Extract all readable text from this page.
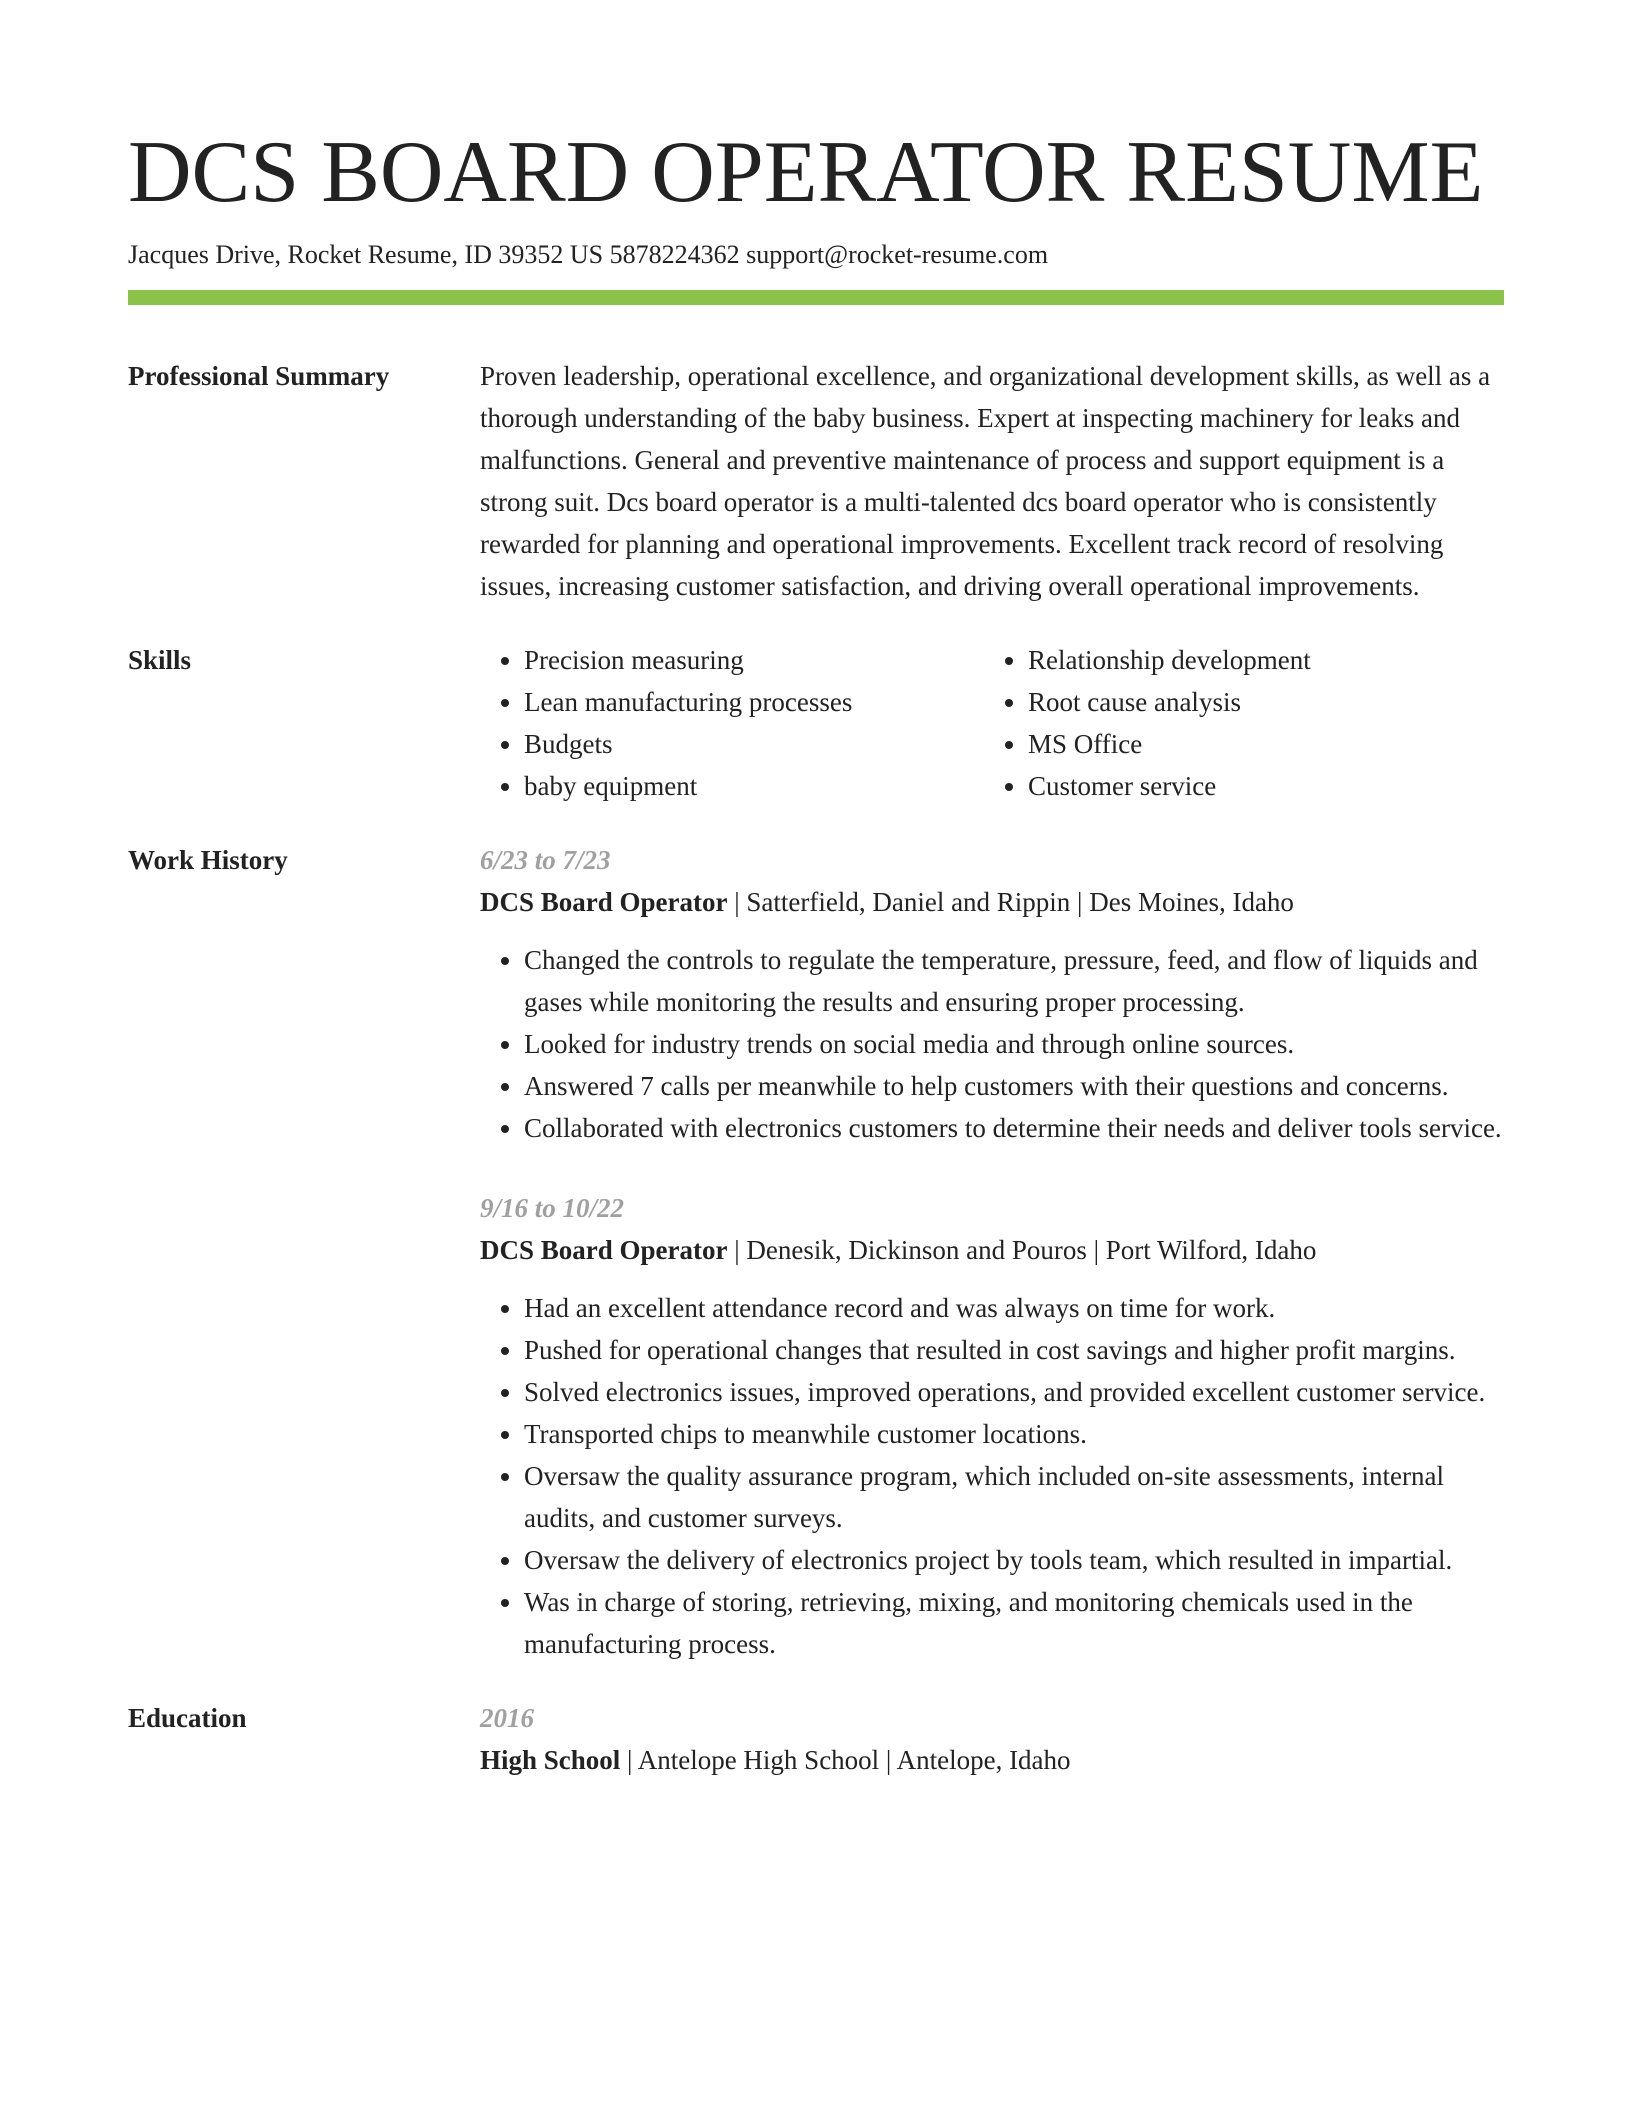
DCS BOARD OPERATOR RESUME
Jacques Drive, Rocket Resume, ID 39352 US 5878224362 support@rocket-resume.com
Professional Summary	Proven leadership, operational excellence, and organizational development skills, as well as a thorough understanding of the baby business. Expert at inspecting machinery for leaks and malfunctions. General and preventive maintenance of process and support equipment is a strong suit. Dcs board operator is a multi-talented dcs board operator who is consistently rewarded for planning and operational improvements. Excellent track record of resolving issues, increasing customer satisfaction, and driving overall operational improvements.
Skills
•	Precision measuring
• Lean manufacturing processes
• Budgets
• baby equipment
• Relationship development
• Root cause analysis
• MS Office
• Customer service
Work History	6/23 to 7/23
DCS Board Operator | Satterfield, Daniel and Rippin | Des Moines, Idaho
• Changed the controls to regulate the temperature, pressure, feed, and flow of liquids and gases while monitoring the results and ensuring proper processing.
• Looked for industry trends on social media and through online sources.
• Answered 7 calls per meanwhile to help customers with their questions and concerns.
• Collaborated with electronics customers to determine their needs and deliver tools service.
9/16 to 10/22
DCS Board Operator | Denesik, Dickinson and Pouros | Port Wilford, Idaho
• Had an excellent attendance record and was always on time for work.
• Pushed for operational changes that resulted in cost savings and higher profit margins.
• Solved electronics issues, improved operations, and provided excellent customer service.
• Transported chips to meanwhile customer locations.
• Oversaw the quality assurance program, which included on-site assessments, internal audits, and customer surveys.
• Oversaw the delivery of electronics project by tools team, which resulted in impartial.
• Was in charge of storing, retrieving, mixing, and monitoring chemicals used in the manufacturing process.
Education	2016
High School | Antelope High School | Antelope, Idaho
